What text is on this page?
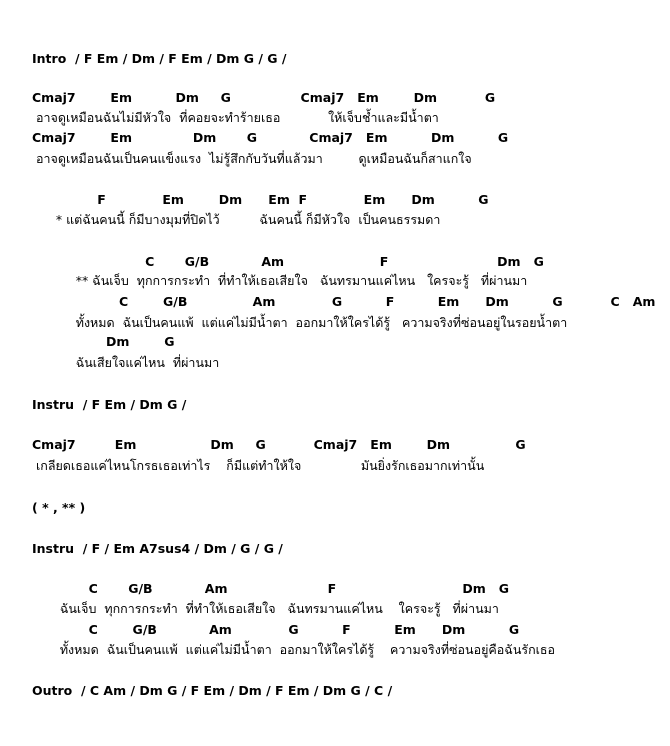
Intro  / F Em / Dm / F Em / Dm G / G /
Cmaj7        Em          Dm     G                Cmaj7   Em        Dm           G
อาจดูเหมือนฉันไม่มีหัวใจ  ที่คอยจะทำร้ายเธอ            ให้เจ็บช้ำและมีน้ำตา
Cmaj7        Em              Dm       G            Cmaj7   Em          Dm          G
อาจดูเหมือนฉันเป็นคนแข็งแรง  ไม่รู้สึกกับวันที่แล้วมา         ดูเหมือนฉันก็สาแกใจ
F             Em        Dm      Em  F             Em      Dm          G
* แต่ฉันคนนี้ ก็มีบางมุมที่ปิดไว้          ฉันคนนี้ ก็มีหัวใจ  เป็นคนธรรมดา
C       G/B            Am                      F                         Dm   G
** ฉันเจ็บ  ทุกการกระทำ  ที่ทำให้เธอเสียใจ   ฉันทรมานแค่ไหน   ใครจะรู้   ที่ผ่านมา
C        G/B               Am             G          F          Em      Dm          G           C   Am
ทั้งหมด  ฉันเป็นคนแพ้  แต่แค่ไม่มีน้ำตา  ออกมาให้ใครได้รู้   ความจริงที่ซ่อนอยู่ในรอยน้ำตา
Dm        G
ฉันเสียใจแค่ไหน  ที่ผ่านมา
Instru  / F Em / Dm G /
Cmaj7         Em                 Dm     G           Cmaj7   Em        Dm               G
เกลียดเธอแค่ไหนโกรธเธอเท่าไร    ก็มีแต่ทำให้ใจ               มันยิ่งรักเธอมากเท่านั้น
( * , ** )
Instru  / F / Em A7sus4 / Dm / G / G /
C       G/B            Am                       F                             Dm   G
ฉันเจ็บ  ทุกการกระทำ  ที่ทำให้เธอเสียใจ   ฉันทรมานแค่ไหน    ใครจะรู้   ที่ผ่านมา
C        G/B            Am             G          F          Em      Dm          G
ทั้งหมด  ฉันเป็นคนแพ้  แต่แค่ไม่มีน้ำตา  ออกมาให้ใครได้รู้    ความจริงที่ซ่อนอยู่คือฉันรักเธอ
Outro  / C Am / Dm G / F Em / Dm / F Em / Dm G / C /
